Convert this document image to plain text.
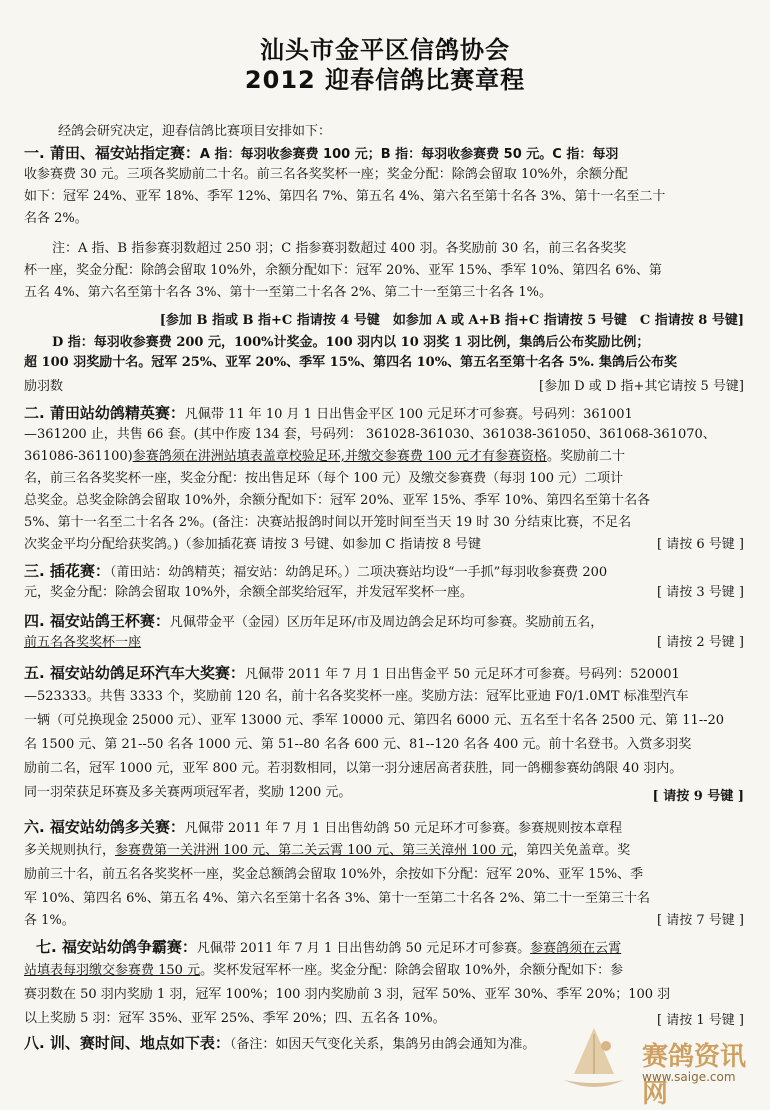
汕头市金平区信鸽协会
2012 迎春信鸽比赛章程
经鸽会研究决定，迎春信鸽比赛项目安排如下：
一. 莆田、福安站指定赛：A 指：每羽收参赛费 100 元；B 指：每羽收参赛费 50 元。C 指：每羽
收参赛费 30 元。三项各奖励前二十名。前三名各奖奖杯一座；奖金分配：除鸽会留取 10%外，余额分配
如下：冠军 24%、亚军 18%、季军 12%、第四名 7%、第五名 4%、第六名至第十名各 3%、第十一名至二十
名各 2%。
注：A 指、B 指参赛羽数超过 250 羽；C 指参赛羽数超过 400 羽。各奖励前 30 名，前三名各奖奖
杯一座，奖金分配：除鸽会留取 10%外，余额分配如下：冠军 20%、亚军 15%、季军 10%、第四名 6%、第
五名 4%、第六名至第十名各 3%、第十一至第二十名各 2%、第二十一至第三十名各 1%。
[参加 B 指或 B 指+C 指请按 4 号键　如参加 A 或 A+B 指+C 指请按 5 号键　C 指请按 8 号键]
D 指：每羽收参赛费 200 元，100%计奖金。100 羽内以 10 羽奖 1 羽比例，集鸽后公布奖励比例；
超 100 羽奖励十名。冠军 25%、亚军 20%、季军 15%、第四名 10%、第五名至第十名各 5%. 集鸽后公布奖
励羽数	[参加 D 或 D 指+其它请按 5 号键]
二. 莆田站幼鸽精英赛：凡佩带 11 年 10 月 1 日出售金平区 100 元足环才可参赛。号码列：361001
—361200 止，共售 66 套。(其中作废 134 套，号码列： 361028-361030、361038-361050、361068-361070、
361086-361100)参赛鸽须在汫洲站填表盖章校验足环,并缴交参赛费 100 元才有参赛资格。奖励前二十
名，前三名各奖奖杯一座，奖金分配：按出售足环（每个 100 元）及缴交参赛费（每羽 100 元）二项计
总奖金。总奖金除鸽会留取 10%外，余额分配如下：冠军 20%、亚军 15%、季军 10%、第四名至第十名各
5%、第十一名至二十名各 2%。(备注：决赛站报鸽时间以开笼时间至当天 19 时 30 分结束比赛，不足名
次奖金平均分配给获奖鸽。)（参加插花赛 请按 3 号键、如参加 C 指请按 8 号键	[ 请按 6 号键 ]
三. 插花赛：（莆田站：幼鸽精英；福安站：幼鸽足环。）二项决赛站均设“一手抓”每羽收参赛费 200
元，奖金分配：除鸽会留取 10%外，余额全部奖给冠军，并发冠军奖杯一座。	[ 请按 3 号键 ]
四. 福安站鸽王杯赛：凡佩带金平（金园）区历年足环/市及周边鸽会足环均可参赛。奖励前五名，
前五名各奖奖杯一座	[ 请按 2 号键 ]
五. 福安站幼鸽足环汽车大奖赛：凡佩带 2011 年 7 月 1 日出售金平 50 元足环才可参赛。号码列：520001
—523333。共售 3333 个，奖励前 120 名，前十名各奖奖杯一座。奖励方法：冠军比亚迪 F0/1.0MT 标准型汽车
一辆（可兑换现金 25000 元）、亚军 13000 元、季军 10000 元、第四名 6000 元、五名至十名各 2500 元、第 11--20
名 1500 元、第 21--50 名各 1000 元、第 51--80 名各 600 元、81--120 名各 400 元。前十名登书。入赏多羽奖
励前二名，冠军 1000 元，亚军 800 元。若羽数相同，以第一羽分速居高者获胜，同一鸽棚参赛幼鸽限 40 羽内。
同一羽荣获足环赛及多关赛两项冠军者，奖励 1200 元。	[ 请按 9 号键 ]
六. 福安站幼鸽多关赛：凡佩带 2011 年 7 月 1 日出售幼鸽 50 元足环才可参赛。参赛规则按本章程
多关规则执行，参赛费第一关汫洲 100 元、第二关云霄 100 元、第三关漳州 100 元，第四关免盖章。奖
励前三十名，前五名各奖奖杯一座，奖金总额鸽会留取 10%外，余按如下分配：冠军 20%、亚军 15%、季
军 10%、第四名 6%、第五名 4%、第六名至第十名各 3%、第十一至第二十名各 2%、第二十一至第三十名
各 1%。	[ 请按 7 号键 ]
七. 福安站幼鸽争霸赛：凡佩带 2011 年 7 月 1 日出售幼鸽 50 元足环才可参赛。参赛鸽须在云霄
站填表每羽缴交参赛费 150 元。奖杯发冠军杯一座。奖金分配：除鸽会留取 10%外，余额分配如下：参
赛羽数在 50 羽内奖励 1 羽，冠军 100%；100 羽内奖励前 3 羽，冠军 50%、亚军 30%、季军 20%；100 羽
以上奖励 5 羽：冠军 35%、亚军 25%、季军 20%；四、五名各 10%。	[ 请按 1 号键 ]
八. 训、赛时间、地点如下表：（备注：如因天气变化关系，集鸽另由鸽会通知为准。	赛鸽资讯网
www.saige.com
